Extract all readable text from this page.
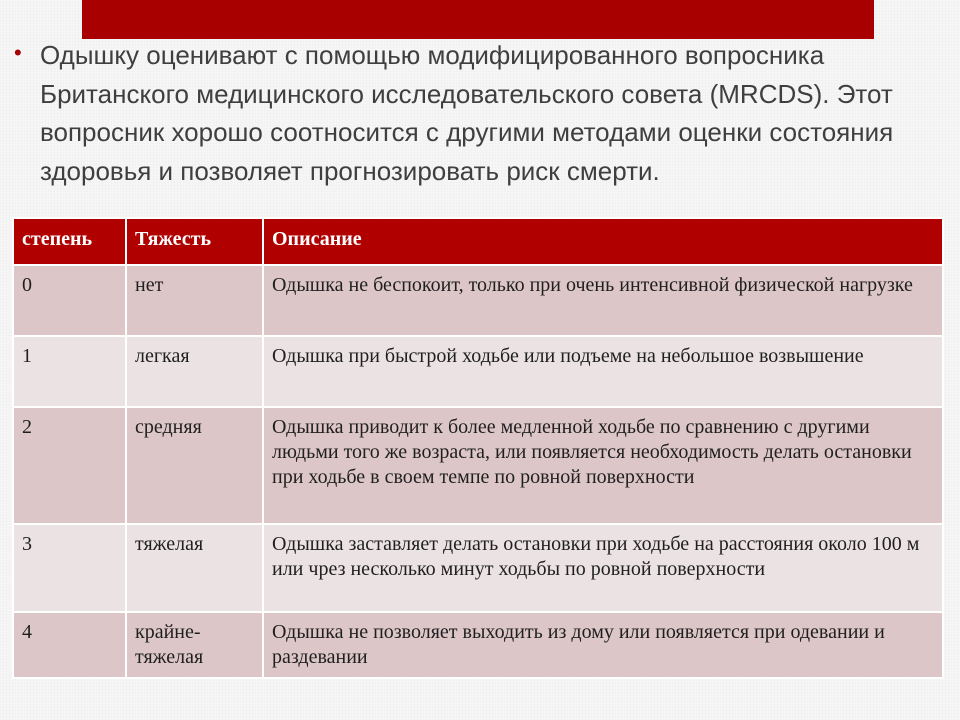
• Одышку оценивают с помощью модифицированного вопросника Британского медицинского исследовательского совета (MRCDS). Этот вопросник хорошо соотносится с другими методами оценки состояния здоровья и позволяет прогнозировать риск смерти.

степень	Тяжесть	Описание
0	нет	Одышка не беспокоит, только при очень интенсивной физической нагрузке
1	легкая	Одышка при быстрой ходьбе или подъеме на небольшое возвышение
2	средняя	Одышка приводит к более медленной ходьбе по сравнению с другими людьми того же возраста, или появляется необходимость делать остановки при ходьбе в своем темпе по ровной поверхности
3	тяжелая	Одышка заставляет делать остановки при ходьбе на расстояния около 100 м или чрез несколько минут ходьбы по ровной поверхности
4	крайне-тяжелая	Одышка не позволяет выходить из дому или появляется при одевании и раздевании
